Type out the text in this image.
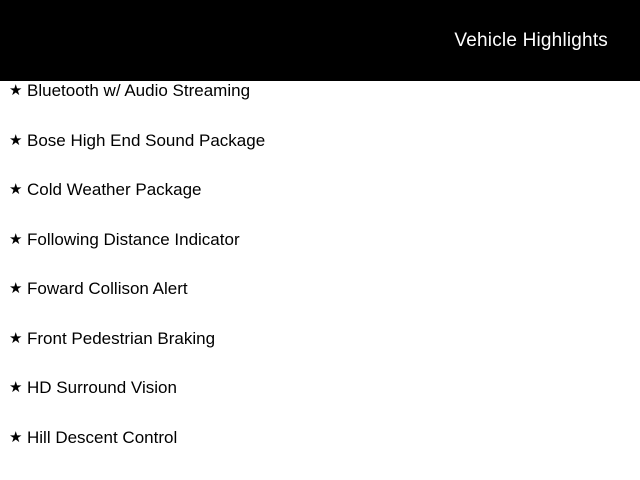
Vehicle Highlights
★ Bluetooth w/ Audio Streaming
★ Bose High End Sound Package
★ Cold Weather Package
★ Following Distance Indicator
★ Foward Collison Alert
★ Front Pedestrian Braking
★ HD Surround Vision
★ Hill Descent Control
